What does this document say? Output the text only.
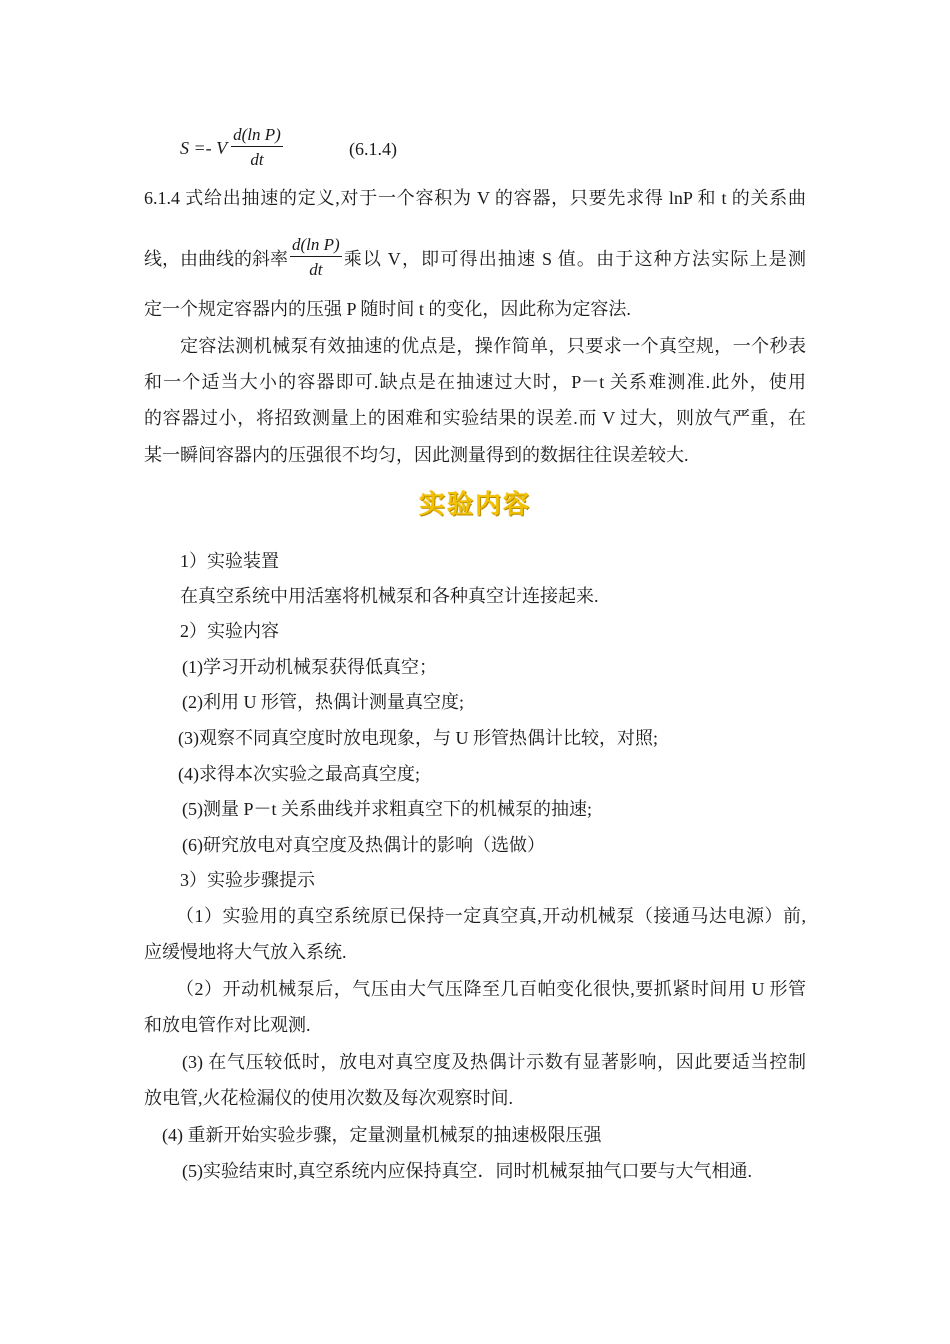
S =- V $\frac{\text{d(ln P)}}{dt}$	(6.1.4)
6.1.4 式给出抽速的定义,对于一个容积为 V 的容器，只要先求得 lnP 和 t 的关系曲
线，由曲线的斜率 $\frac{\text{d(ln P)}}{dt}$ 乘以 V，即可得出抽速 S 值。由于这种方法实际上是测
定一个规定容器内的压强 P 随时间 t 的变化，因此称为定容法.
定容法测机械泵有效抽速的优点是，操作简单，只要求一个真空规，一个秒表
和一个适当大小的容器即可.缺点是在抽速过大时，P－t 关系难测准.此外，使用
的容器过小，将招致测量上的困难和实验结果的误差.而 V 过大，则放气严重，在
某一瞬间容器内的压强很不均匀，因此测量得到的数据往往误差较大.
实验内容
1）实验装置
在真空系统中用活塞将机械泵和各种真空计连接起来.
2）实验内容
(1)学习开动机械泵获得低真空；
(2)利用 U 形管，热偶计测量真空度;
(3)观察不同真空度时放电现象，与 U 形管热偶计比较，对照;
(4)求得本次实验之最高真空度;
(5)测量 P－t 关系曲线并求粗真空下的机械泵的抽速;
(6)研究放电对真空度及热偶计的影响（选做）
3）实验步骤提示
（1）实验用的真空系统原已保持一定真空真,开动机械泵（接通马达电源）前,
应缓慢地将大气放入系统.
（2）开动机械泵后，气压由大气压降至几百帕变化很快,要抓紧时间用 U 形管
和放电管作对比观测.
(3) 在气压较低时，放电对真空度及热偶计示数有显著影响，因此要适当控制
放电管,火花检漏仪的使用次数及每次观察时间.
(4) 重新开始实验步骤，定量测量机械泵的抽速极限压强
(5)实验结束时,真空系统内应保持真空．同时机械泵抽气口要与大气相通.
